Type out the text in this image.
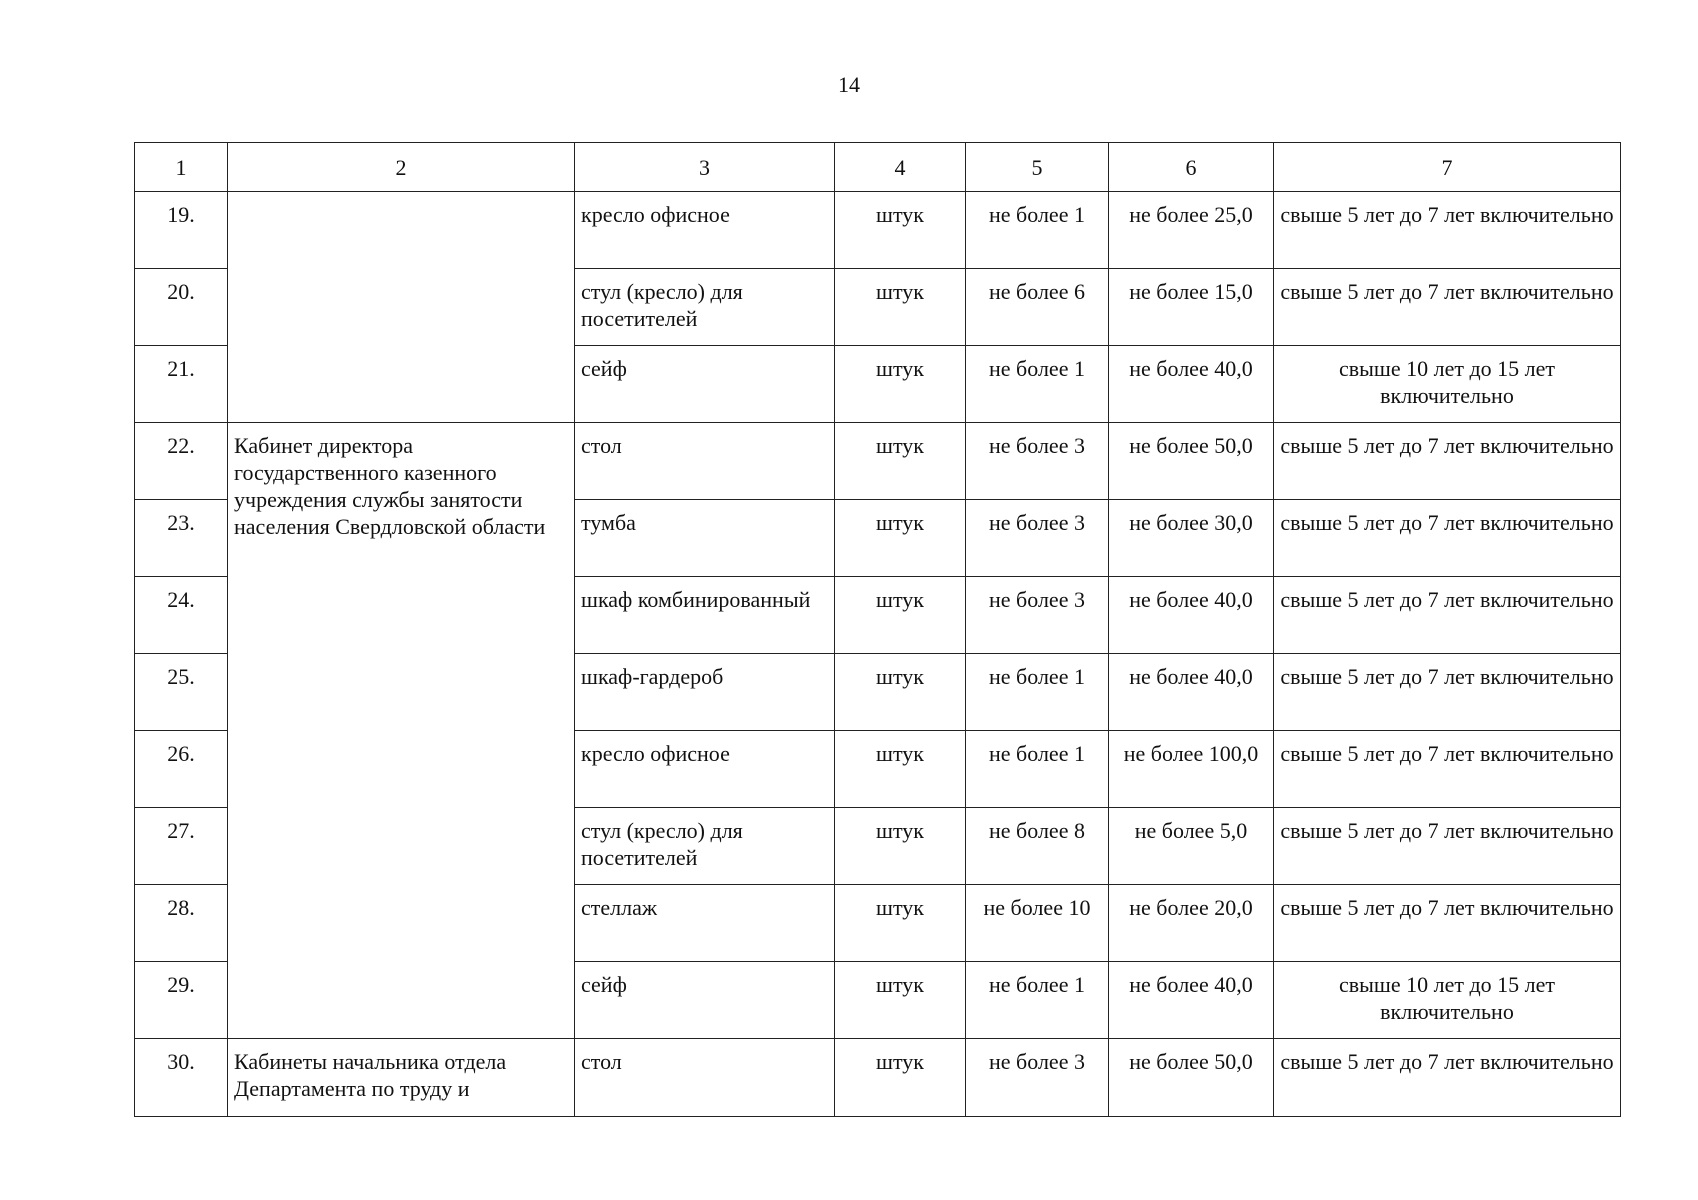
14
1	2	3	4	5	6	7
19.		кресло офисное	штук	не более 1	не более 25,0	свыше 5 лет до 7 лет включительно
20.		стул (кресло) для посетителей	штук	не более 6	не более 15,0	свыше 5 лет до 7 лет включительно
21.		сейф	штук	не более 1	не более 40,0	свыше 10 лет до 15 лет включительно
22.	Кабинет директора государственного казенного учреждения службы занятости населения Свердловской области	стол	штук	не более 3	не более 50,0	свыше 5 лет до 7 лет включительно
23.		тумба	штук	не более 3	не более 30,0	свыше 5 лет до 7 лет включительно
24.		шкаф комбинированный	штук	не более 3	не более 40,0	свыше 5 лет до 7 лет включительно
25.		шкаф-гардероб	штук	не более 1	не более 40,0	свыше 5 лет до 7 лет включительно
26.		кресло офисное	штук	не более 1	не более 100,0	свыше 5 лет до 7 лет включительно
27.		стул (кресло) для посетителей	штук	не более 8	не более 5,0	свыше 5 лет до 7 лет включительно
28.		стеллаж	штук	не более 10	не более 20,0	свыше 5 лет до 7 лет включительно
29.		сейф	штук	не более 1	не более 40,0	свыше 10 лет до 15 лет включительно
30.	Кабинеты начальника отдела Департамента по труду и	стол	штук	не более 3	не более 50,0	свыше 5 лет до 7 лет включительно
